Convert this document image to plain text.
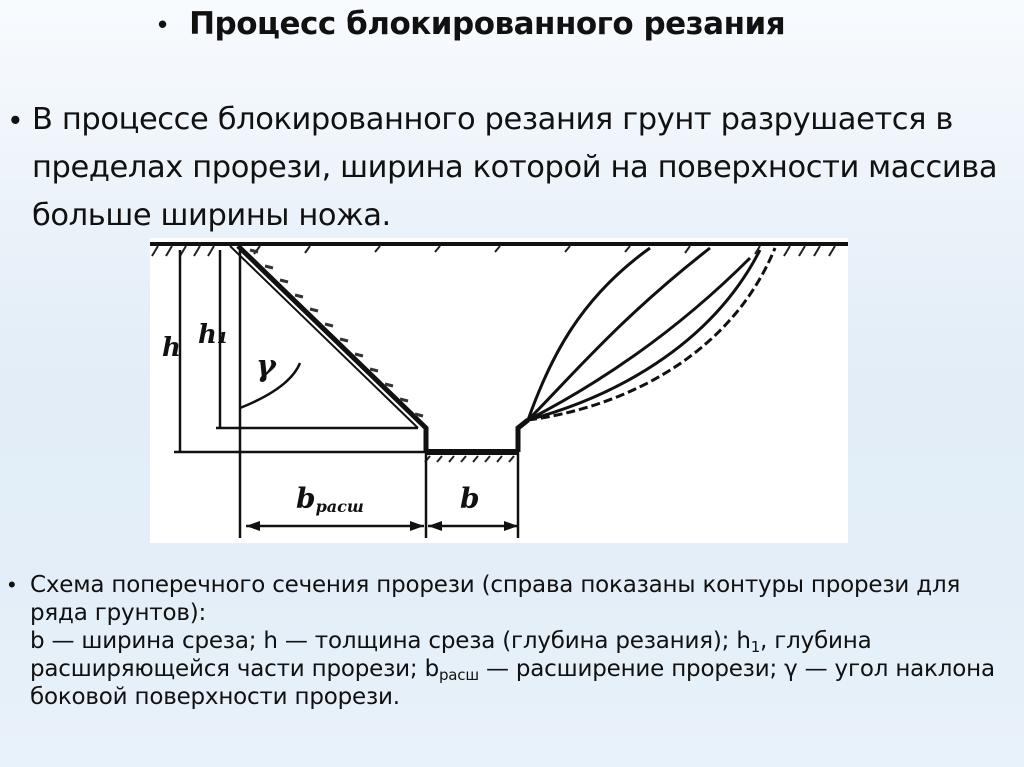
• Процесс блокированного резания
• В процессе блокированного резания грунт разрушается в пределах прорези, ширина которой на поверхности массива больше ширины ножа.
h h₁
γ
bрасш	b
• Схема поперечного сечения прорези (справа показаны контуры прорези для ряда грунтов):
b — ширина среза; h — толщина среза (глубина резания); $h_1$, глубина расширяющейся части прорези; $b_{расш}$ — расширение прорези; γ — угол наклона боковой поверхности прорези.
